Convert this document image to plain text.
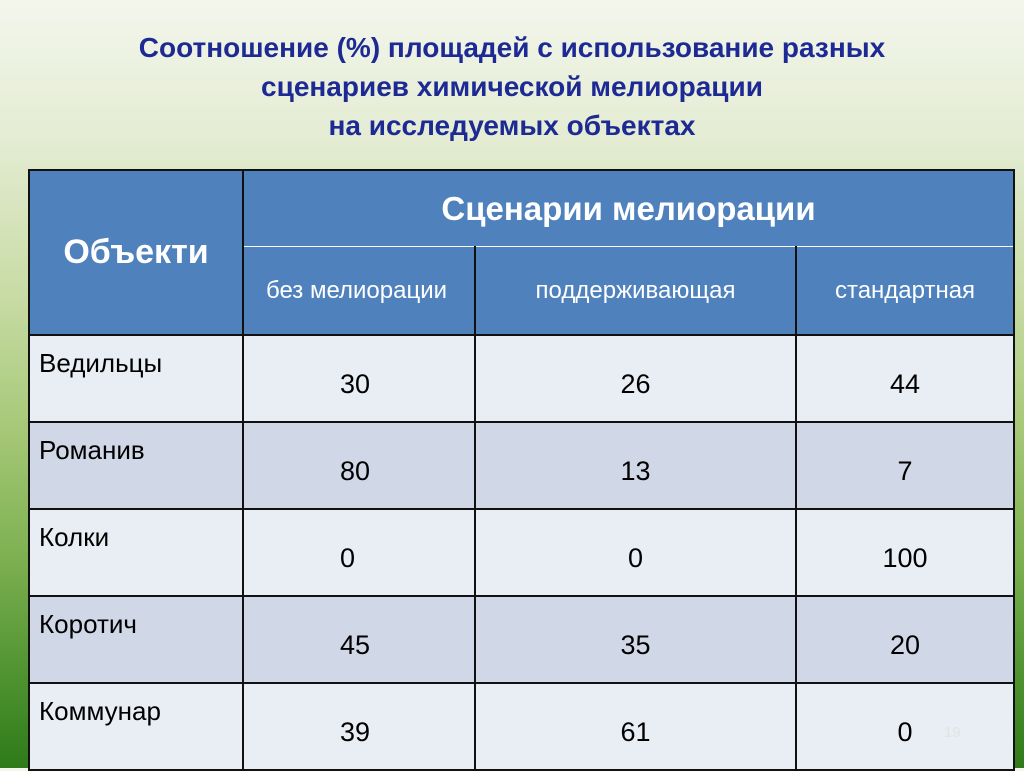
Соотношение (%) площадей с использование разных
сценариев химической мелиорации
на исследуемых объектах
Объекти	Сценарии мелиорации		
	без мелиорации	поддерживающая	стандартная
Ведильцы	30	26	44
Романив	80	13	7
Колки	0	0	100
Коротич	45	35	20
Коммунар	39	61	0 19
